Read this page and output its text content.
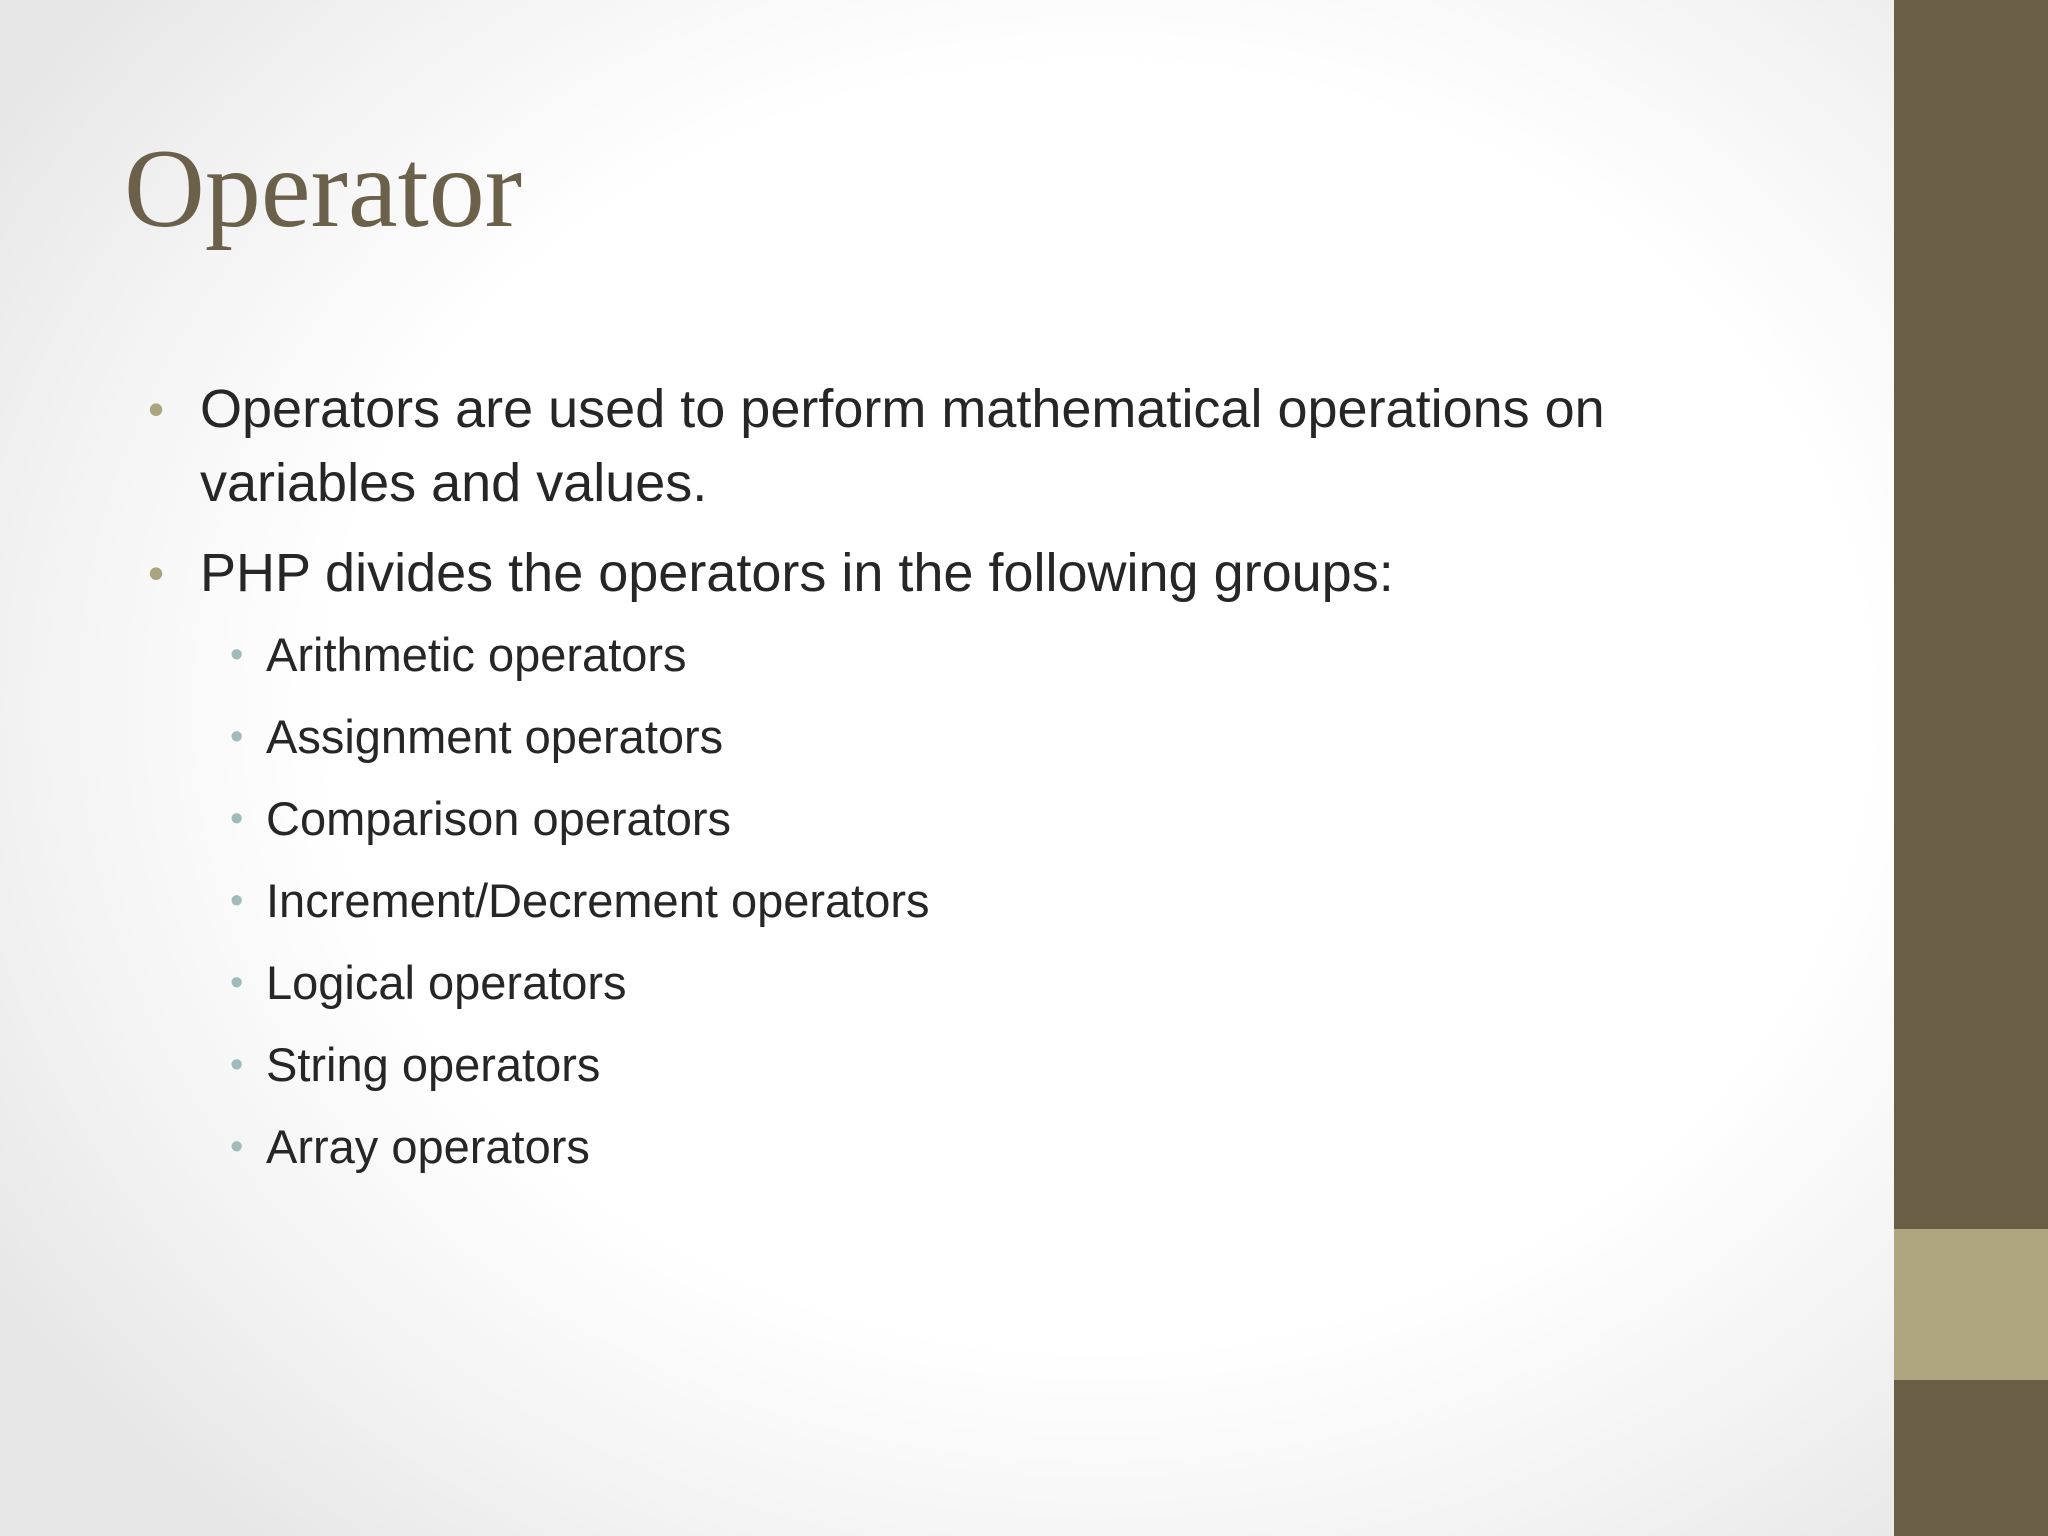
Operator
• Operators are used to perform mathematical operations on variables and values.
• PHP divides the operators in the following groups:
• Arithmetic operators
• Assignment operators
• Comparison operators
• Increment/Decrement operators
• Logical operators
• String operators
• Array operators
